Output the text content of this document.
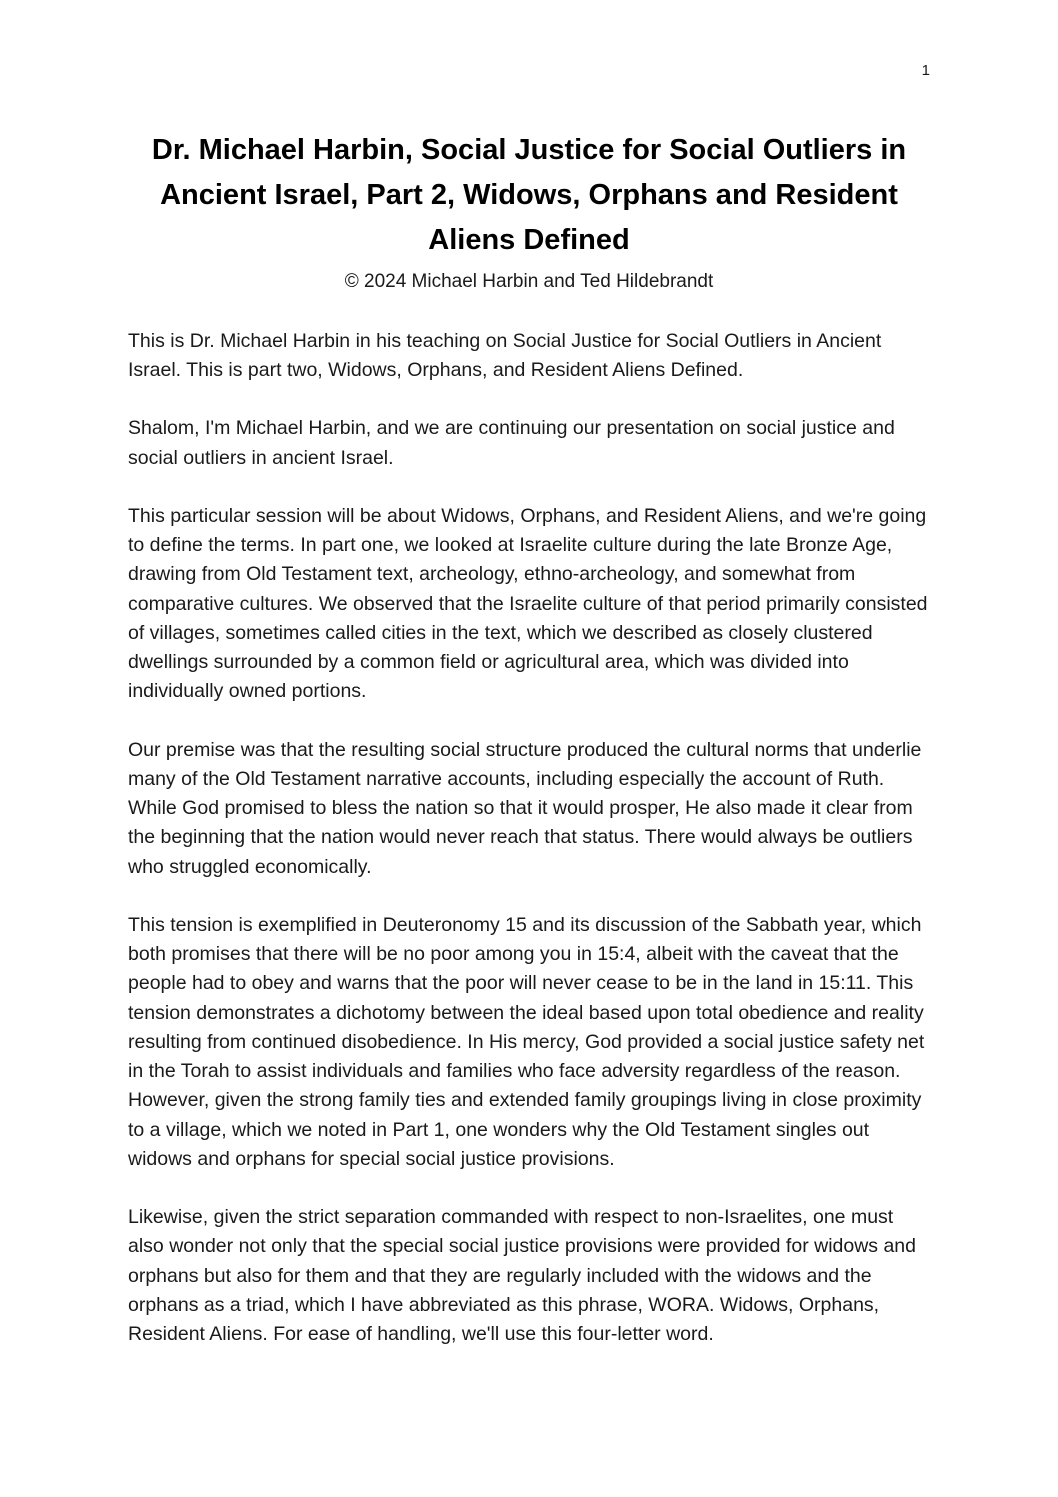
1
Dr. Michael Harbin, Social Justice for Social Outliers in Ancient Israel, Part 2, Widows, Orphans and Resident Aliens Defined
© 2024 Michael Harbin and Ted Hildebrandt

This is Dr. Michael Harbin in his teaching on Social Justice for Social Outliers in Ancient Israel. This is part two, Widows, Orphans, and Resident Aliens Defined.

Shalom, I'm Michael Harbin, and we are continuing our presentation on social justice and social outliers in ancient Israel.

This particular session will be about Widows, Orphans, and Resident Aliens, and we're going to define the terms. In part one, we looked at Israelite culture during the late Bronze Age, drawing from Old Testament text, archeology, ethno-archeology, and somewhat from comparative cultures. We observed that the Israelite culture of that period primarily consisted of villages, sometimes called cities in the text, which we described as closely clustered dwellings surrounded by a common field or agricultural area, which was divided into individually owned portions.

Our premise was that the resulting social structure produced the cultural norms that underlie many of the Old Testament narrative accounts, including especially the account of Ruth. While God promised to bless the nation so that it would prosper, He also made it clear from the beginning that the nation would never reach that status. There would always be outliers who struggled economically.

This tension is exemplified in Deuteronomy 15 and its discussion of the Sabbath year, which both promises that there will be no poor among you in 15:4, albeit with the caveat that the people had to obey and warns that the poor will never cease to be in the land in 15:11. This tension demonstrates a dichotomy between the ideal based upon total obedience and reality resulting from continued disobedience. In His mercy, God provided a social justice safety net in the Torah to assist individuals and families who face adversity regardless of the reason. However, given the strong family ties and extended family groupings living in close proximity to a village, which we noted in Part 1, one wonders why the Old Testament singles out widows and orphans for special social justice provisions.

Likewise, given the strict separation commanded with respect to non-Israelites, one must also wonder not only that the special social justice provisions were provided for widows and orphans but also for them and that they are regularly included with the widows and the orphans as a triad, which I have abbreviated as this phrase, WORA. Widows, Orphans, Resident Aliens. For ease of handling, we'll use this four-letter word.
